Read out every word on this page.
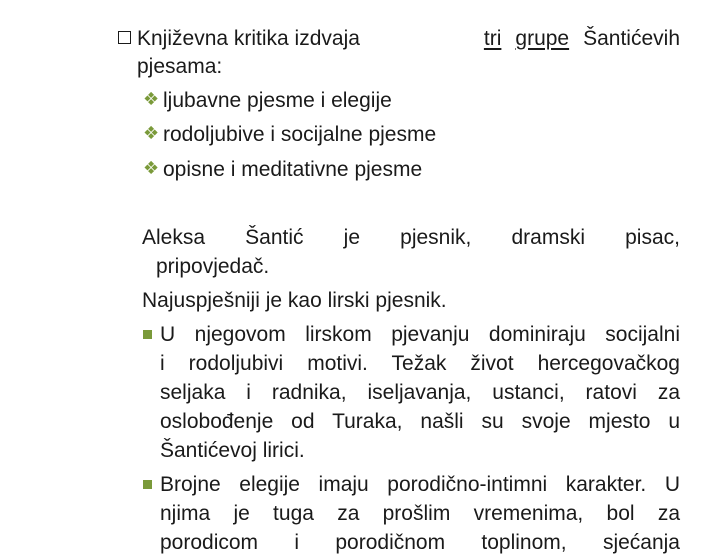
Književna kritika izdvaja	tri grupe Šantićevih
pjesama:
❖ ljubavne pjesme i elegije
❖ rodoljubive i socijalne pjesme
❖ opisne i meditativne pjesme
Aleksa Šantić je pjesnik, dramski pisac,
pripovjedač.
Najuspješniji je kao lirski pjesnik.
U njegovom lirskom pjevanju dominiraju socijalni
i rodoljubivi motivi. Težak život hercegovačkog
seljaka i radnika, iseljavanja, ustanci, ratovi za
oslobođenje od Turaka, našli su svoje mjesto u
Šantićevoj lirici.
Brojne elegije imaju porodično-intimni karakter. U
njima je tuga za prošlim vremenima, bol za
porodicom i porodičnom toplinom, sjećanja
